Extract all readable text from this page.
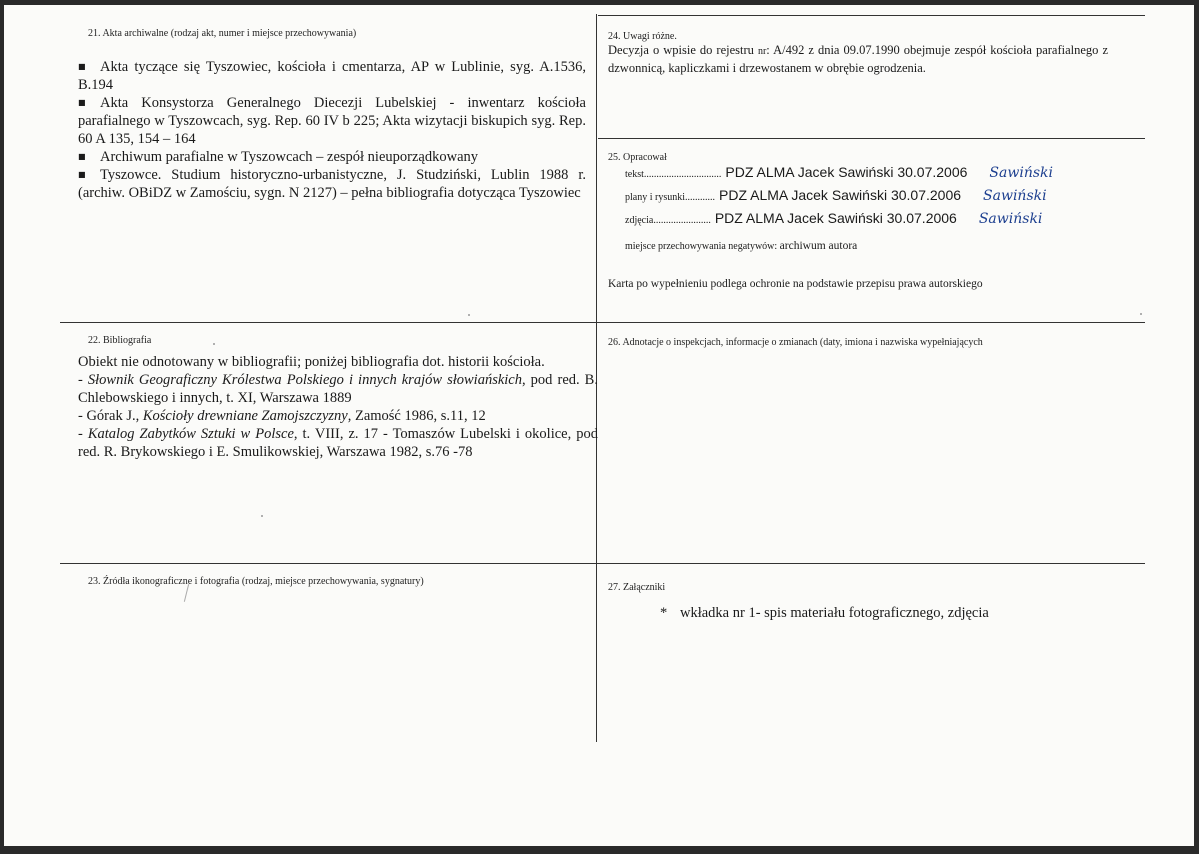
21. Akta archiwalne (rodzaj akt, numer i miejsce przechowywania)

■ Akta tyczące się Tyszowiec, kościoła i cmentarza, AP w Lublinie, syg. A.1536, B.194

■ Akta Konsystorza Generalnego Diecezji Lubelskiej - inwentarz kościoła parafialnego w Tyszowcach, syg. Rep. 60 IV b 225; Akta wizytacji biskupich syg. Rep. 60 A 135, 154 – 164

■ Archiwum parafialne w Tyszowcach – zespół nieuporządkowany

■ Tyszowce. Studium historyczno-urbanistyczne, J. Studziński, Lublin 1988 r. (archiw. OBiDZ w Zamościu, sygn. N 2127) – pełna bibliografia dotycząca Tyszowiec

22. Bibliografia

Obiekt nie odnotowany w bibliografii; poniżej bibliografia dot. historii kościoła.

- Słownik Geograficzny Królestwa Polskiego i innych krajów słowiańskich, pod red. B. Chlebowskiego i innych, t. XI, Warszawa 1889

- Górak J., Kościoły drewniane Zamojszczyzny, Zamość 1986, s.11, 12

- Katalog Zabytków Sztuki w Polsce, t. VIII, z. 17 - Tomaszów Lubelski i okolice, pod red. R. Brykowskiego i E. Smulikowskiej, Warszawa 1982, s.76 -78

23. Źródła ikonograficzne i fotografia (rodzaj, miejsce przechowywania, sygnatury)
24. Uwagi różne.
Decyzja o wpisie do rejestru nr: A/492 z dnia 09.07.1990 obejmuje zespół kościoła parafialnego z dzwonnicą, kapliczkami i drzewostanem w obrębie ogrodzenia.
25. Opracował
tekst............................... PDZ ALMA Jacek Sawiński 30.07.2006 Sawiński
plany i rysunki............ PDZ ALMA Jacek Sawiński 30.07.2006 Sawiński
zdjęcia....................... PDZ ALMA Jacek Sawiński 30.07.2006 Sawiński
miejsce przechowywania negatywów: archiwum autora
Karta po wypełnieniu podlega ochronie na podstawie przepisu prawa autorskiego
26. Adnotacje o inspekcjach, informacje o zmianach (daty, imiona i nazwiska wypełniających
27. Załączniki
* wkładka nr 1- spis materiału fotograficznego, zdjęcia
